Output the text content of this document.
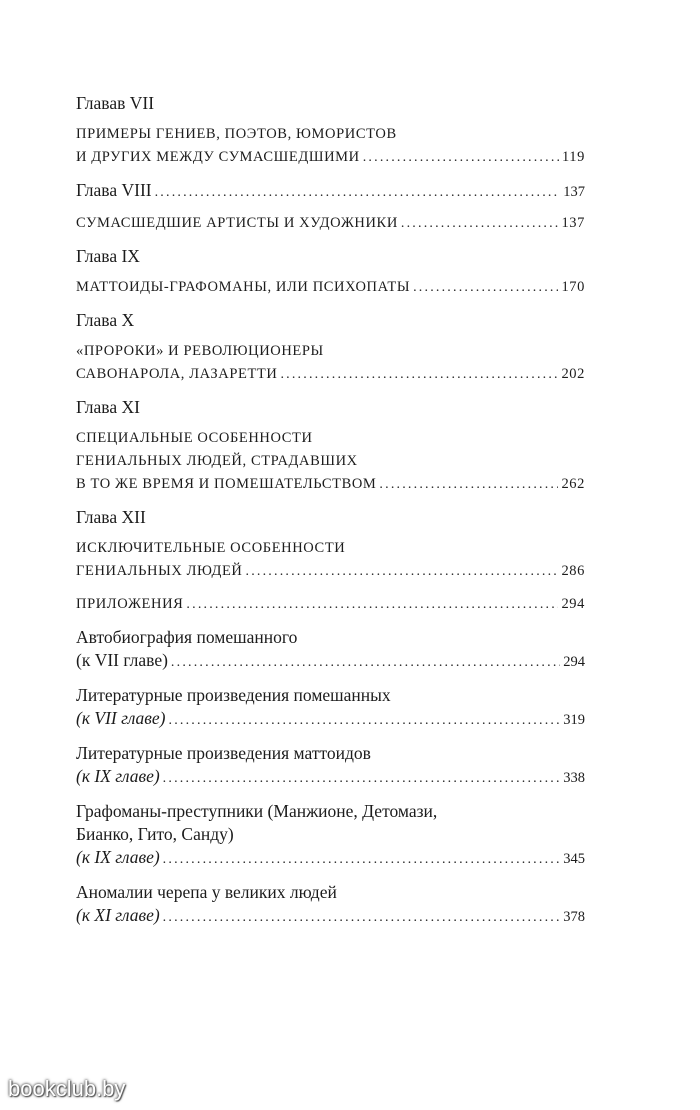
Главав VII
ПРИМЕРЫ ГЕНИЕВ, ПОЭТОВ, ЮМОРИСТОВ
И ДРУГИХ МЕЖДУ СУМАСШЕДШИМИ .....	119
Глава VIII .....	137
СУМАСШЕДШИЕ АРТИСТЫ И ХУДОЖНИКИ .....	137
Глава IX
МАТТОИДЫ-ГРАФОМАНЫ, ИЛИ ПСИХОПАТЫ .....	170
Глава X
«ПРОРОКИ» И РЕВОЛЮЦИОНЕРЫ
САВОНАРОЛА, ЛАЗАРЕТТИ .....	202
Глава XI
СПЕЦИАЛЬНЫЕ ОСОБЕННОСТИ
ГЕНИАЛЬНЫХ ЛЮДЕЙ, СТРАДАВШИХ
В ТО ЖЕ ВРЕМЯ И ПОМЕШАТЕЛЬСТВОМ .....	262
Глава XII
ИСКЛЮЧИТЕЛЬНЫЕ ОСОБЕННОСТИ
ГЕНИАЛЬНЫХ ЛЮДЕЙ .....	286
ПРИЛОЖЕНИЯ .....	294
Автобиография помешанного
(к VII главе) .....	294
Литературные произведения помешанных
(к VII главе) .....	319
Литературные произведения маттоидов
(к IX главе) .....	338
Графоманы-преступники (Манжионе, Детомази,
Бианко, Гито, Санду)
(к IX главе) .....	345
Аномалии черепа у великих людей
(к XI главе) .....	378
bookclub.by
